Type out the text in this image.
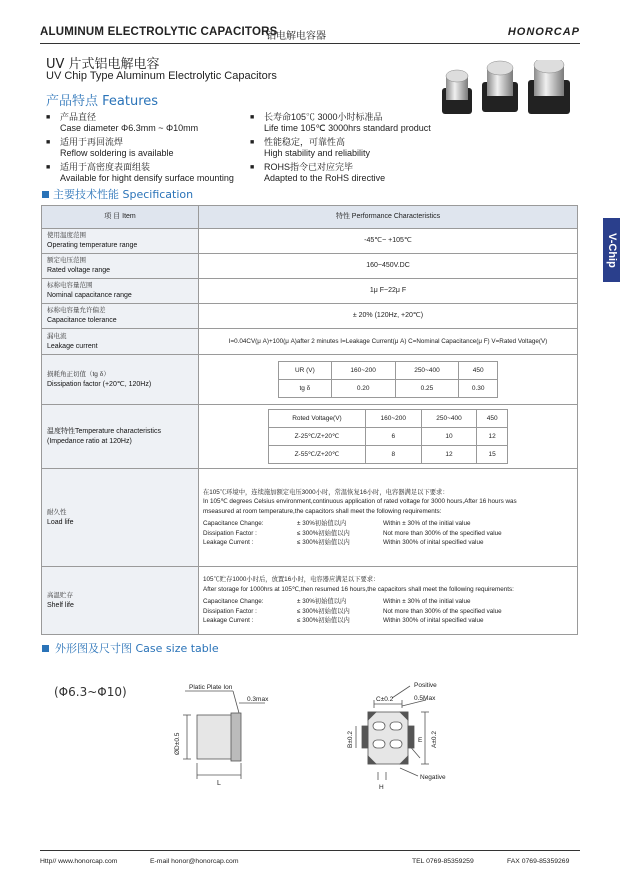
ALUMINUM ELECTROLYTIC CAPACITORS
铝电解电容器	HONORCAP
UV 片式铝电解电容
UV Chip Type Aluminum Electrolytic Capacitors
产品特点 Features
■ 产品直径
Case diameter Φ6.3mm ~ Φ10mm
■ 适用于再回流焊
Reflow soldering is available
■ 适用于高密度表面组装
Available for hight densify surface mounting
■ 长寿命105℃ 3000小时标准品
Life time 105℃ 3000hrs standard product
■ 性能稳定，可靠性高
High stability and reliability
■ ROHS指令已对应完毕
Adapted to the RoHS directive
主要技术性能 Specification
V-Chip
项 目 Item	特性 Performance Characteristics

使用温度范围
Operating temperature range
	-45℃~ +105℃

额定电压范围
Rated voltage range
	160~450V.DC

标称电容量范围
Nominal capacitance range
	1μ F~22μ F

标称电容量允许偏差
Capacitance tolerance
	± 20% (120Hz, +20℃)

漏电流
Leakage current
	I=0.04CV(μ A)+100(μ A)after 2 minutes I=Leakage Current(μ A) C=Nominal Capacitance(μ F) V=Rated Voltage(V)

损耗角正切值（tg δ）
Dissipation factor (+20℃, 120Hz)

UR (V)	160~200	250~400	450
tg δ	0.20	0.25	0.30

温度特性Temperature characteristics
(Impedance ratio at 120Hz)

Roted Voltage(V)	160~200	250~400	450
Z-25℃/Z+20℃	6	10	12
Z-55℃/Z+20℃	8	12	15

耐久性
Load life

在105℃环境中，连续施加额定电压3000小时，常温恢复16小时，电容器满足以下要求：
In 105℃ degrees Celsius environment,continuous application of rated voltage for 3000 hours,After 16 hours was
mseasured at room temperature,the capacitors shall meet the following requirements:
Capacitance Change:	± 30%初始值以内	Within ± 30% of the initial value
Dissipation Factor :	≤ 300%初始值以内	Not more than 300% of the specified value
Leakage Current :	≤ 300%初始值以内	Within 300% of inital specified value

高温贮存
Shelf life

105℃贮存1000小时后，放置16小时，电容器应满足以下要求：
After storage for 1000hrs at 105℃,then resumed 16 hours,the capacitors shall meet the following requirements:
Capacitance Change:	± 30%初始值以内	Within ± 30% of the initial value
Dissipation Factor :	≤ 300%初始值以内	Not more than 300% of the specified value
Leakage Current :	≤ 300%初始值以内	Within 300% of inital specified value
外形图及尺寸图 Case size table
(Φ6.3~Φ10)	Platic Plate Ion
0.3max
ØD±0.5
L
C±0.2
Positive
0.5Max
B±0.2	A±0.2
E
H
Negative
Http// www.honorcap.com	E-mail honor@honorcap.com	TEL 0769-85359259	FAX 0769-85359269
